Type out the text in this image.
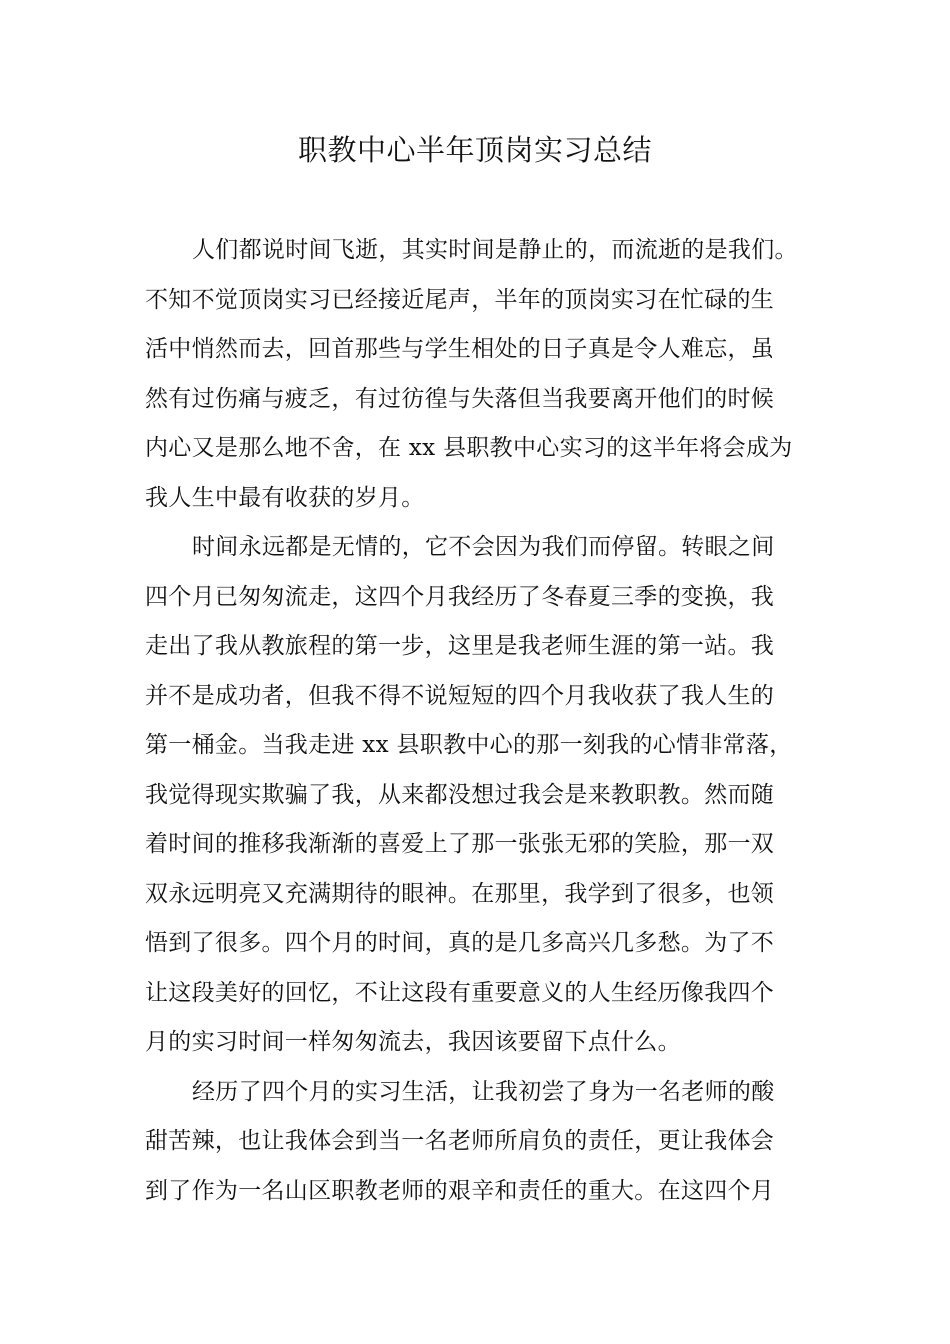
职教中心半年顶岗实习总结
人们都说时间飞逝，其实时间是静止的，而流逝的是我们。
不知不觉顶岗实习已经接近尾声，半年的顶岗实习在忙碌的生
活中悄然而去，回首那些与学生相处的日子真是令人难忘，虽
然有过伤痛与疲乏，有过彷徨与失落但当我要离开他们的时候
内心又是那么地不舍，在 xx 县职教中心实习的这半年将会成为
我人生中最有收获的岁月。
时间永远都是无情的，它不会因为我们而停留。转眼之间
四个月已匆匆流走，这四个月我经历了冬春夏三季的变换，我
走出了我从教旅程的第一步，这里是我老师生涯的第一站。我
并不是成功者，但我不得不说短短的四个月我收获了我人生的
第一桶金。当我走进 xx 县职教中心的那一刻我的心情非常落，
我觉得现实欺骗了我，从来都没想过我会是来教职教。然而随
着时间的推移我渐渐的喜爱上了那一张张无邪的笑脸，那一双
双永远明亮又充满期待的眼神。在那里，我学到了很多，也领
悟到了很多。四个月的时间，真的是几多高兴几多愁。为了不
让这段美好的回忆，不让这段有重要意义的人生经历像我四个
月的实习时间一样匆匆流去，我因该要留下点什么。
经历了四个月的实习生活，让我初尝了身为一名老师的酸
甜苦辣，也让我体会到当一名老师所肩负的责任，更让我体会
到了作为一名山区职教老师的艰辛和责任的重大。在这四个月
